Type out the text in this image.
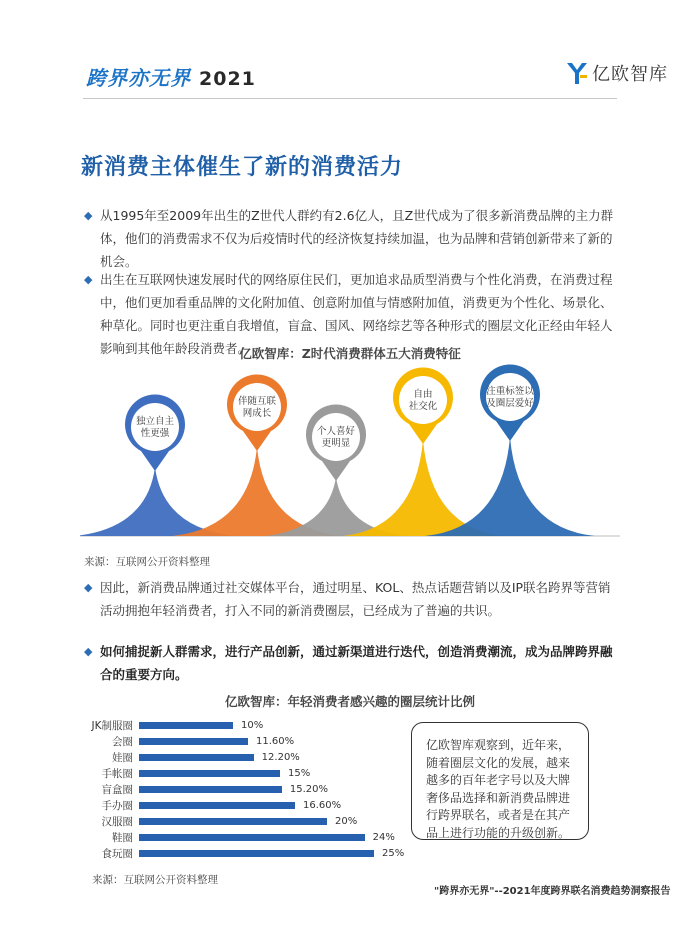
跨界亦无界 2021	亿欧智库
新消费主体催生了新的消费活力
◆ 从1995年至2009年出生的Z世代人群约有2.6亿人，且Z世代成为了很多新消费品牌的主力群体，他们的消费需求不仅为后疫情时代的经济恢复持续加温，也为品牌和营销创新带来了新的机会。
◆ 出生在互联网快速发展时代的网络原住民们，更加追求品质型消费与个性化消费，在消费过程中，他们更加看重品牌的文化附加值、创意附加值与情感附加值，消费更为个性化、场景化、种草化。同时也更注重自我增值，盲盒、国风、网络综艺等各种形式的圈层文化正经由年轻人影响到其他年龄段消费者。
亿欧智库：Z时代消费群体五大消费特征
独立自主
性更强
伴随互联
网成长
个人喜好
更明显
自由
社交化
注重标签以
及圈层爱好
来源：互联网公开资料整理
◆ 因此，新消费品牌通过社交媒体平台，通过明星、KOL、热点话题营销以及IP联名跨界等营销活动拥抱年轻消费者，打入不同的新消费圈层，已经成为了普遍的共识。
◆ 如何捕捉新人群需求，进行产品创新，通过新渠道进行迭代，创造消费潮流，成为品牌跨界融合的重要方向。
亿欧智库：年轻消费者感兴趣的圈层统计比例
JK制服圈	10%
会圈	11.60%
娃圈	12.20%
手帐圈	15%
盲盒圈	15.20%
手办圈	16.60%
汉服圈	20%
鞋圈	24%
食玩圈	25%
来源：互联网公开资料整理
亿欧智库观察到，近年来，随着圈层文化的发展，越来越多的百年老字号以及大牌奢侈品选择和新消费品牌进行跨界联名，或者是在其产品上进行功能的升级创新。
"跨界亦无界"--2021年度跨界联名消费趋势洞察报告
